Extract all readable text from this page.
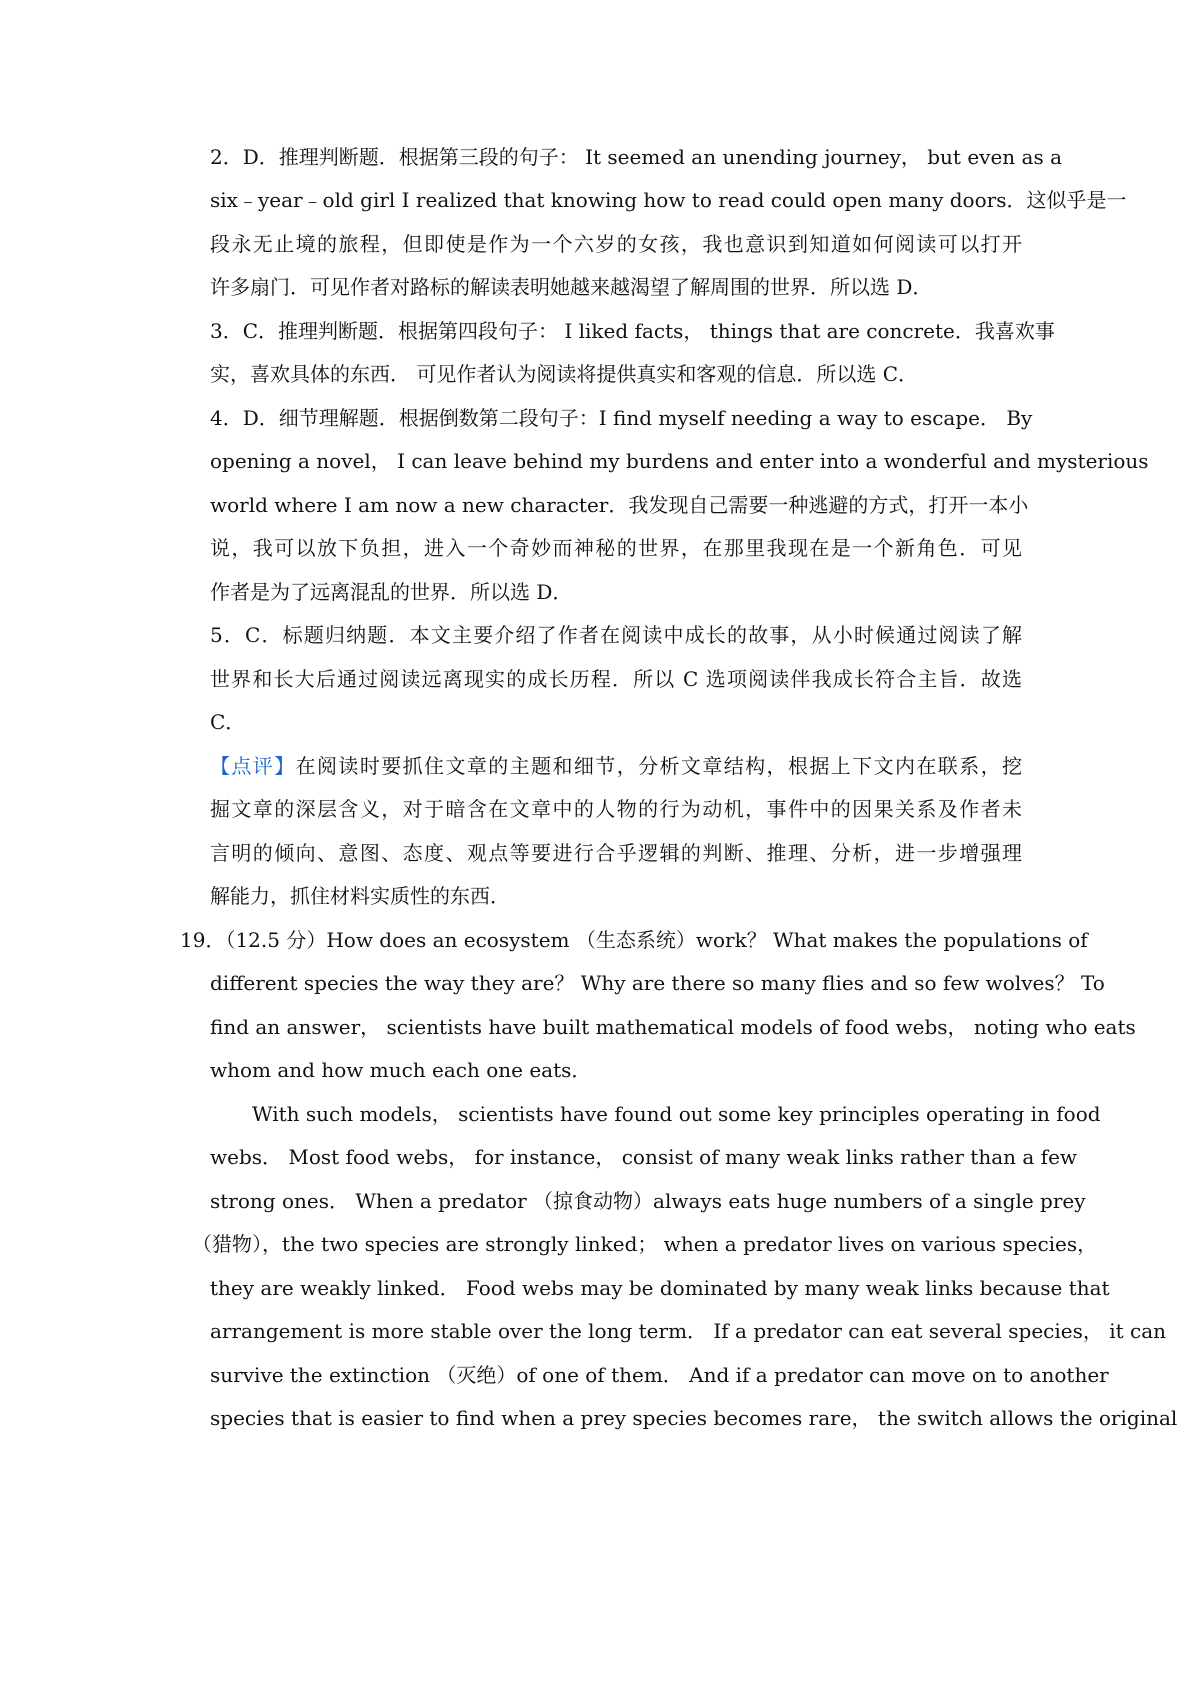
2．D．推理判断题．根据第三段的句子： It seemed an unending journey， but even as a
six﹣year﹣old girl I realized that knowing how to read could open many doors．这似乎是一
段永无止境的旅程，但即使是作为一个六岁的女孩，我也意识到知道如何阅读可以打开
许多扇门．可见作者对路标的解读表明她越来越渴望了解周围的世界．所以选 D．
3．C．推理判断题．根据第四段句子： I liked facts， things that are concrete．我喜欢事
实，喜欢具体的东西． 可见作者认为阅读将提供真实和客观的信息．所以选 C．
4．D．细节理解题．根据倒数第二段句子：I find myself needing a way to escape． By
opening a novel， I can leave behind my burdens and enter into a wonderful and mysterious
world where I am now a new character．我发现自己需要一种逃避的方式，打开一本小
说，我可以放下负担，进入一个奇妙而神秘的世界，在那里我现在是一个新角色．可见
作者是为了远离混乱的世界．所以选 D．
5．C．标题归纳题．本文主要介绍了作者在阅读中成长的故事，从小时候通过阅读了解
世界和长大后通过阅读远离现实的成长历程．所以 C 选项阅读伴我成长符合主旨．故选
C．
【点评】在阅读时要抓住文章的主题和细节，分析文章结构，根据上下文内在联系，挖
掘文章的深层含义，对于暗含在文章中的人物的行为动机，事件中的因果关系及作者未
言明的倾向、意图、态度、观点等要进行合乎逻辑的判断、推理、分析，进一步增强理
解能力，抓住材料实质性的东西．
19．（12.5 分）How does an ecosystem （生态系统）work？ What makes the populations of
different species the way they are？ Why are there so many flies and so few wolves？ To
find an answer， scientists have built mathematical models of food webs， noting who eats
whom and how much each one eats．
With such models， scientists have found out some key principles operating in food
webs． Most food webs， for instance， consist of many weak links rather than a few
strong ones． When a predator （掠食动物）always eats huge numbers of a single prey
（猎物），the two species are strongly linked； when a predator lives on various species，
they are weakly linked． Food webs may be dominated by many weak links because that
arrangement is more stable over the long term． If a predator can eat several species， it can
survive the extinction （灭绝）of one of them． And if a predator can move on to another
species that is easier to find when a prey species becomes rare， the switch allows the original
